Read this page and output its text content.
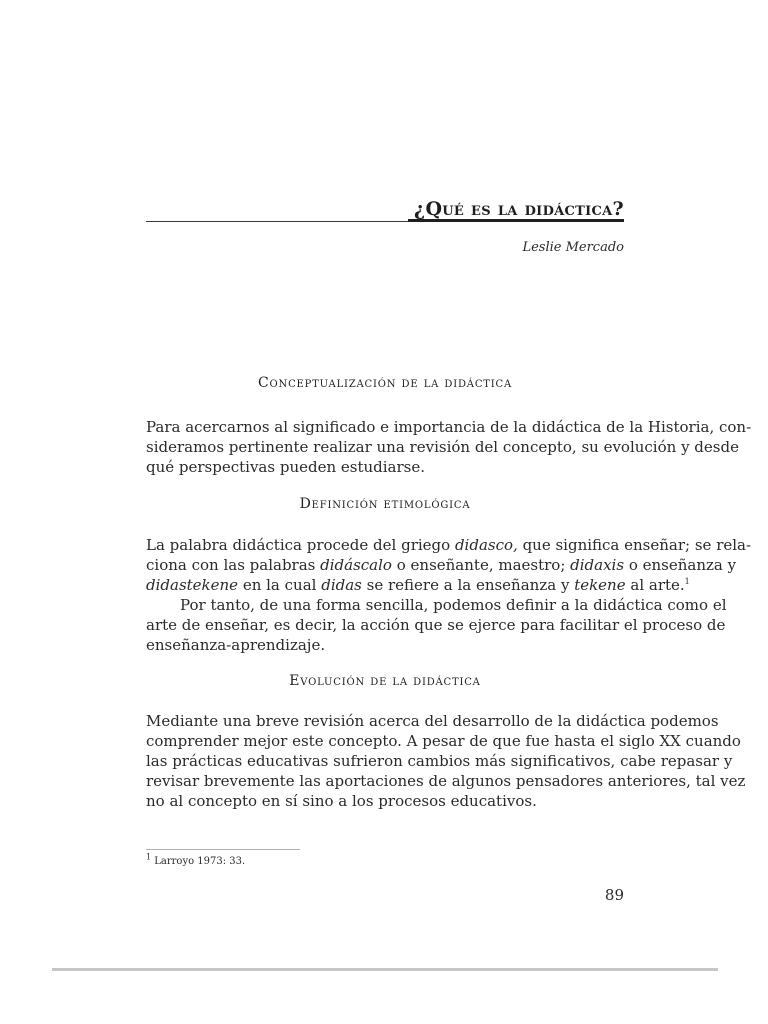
¿Qué es la didáctica?
Leslie Mercado
Conceptualización de la didáctica
Para acercarnos al significado e importancia de la didáctica de la Historia, con-
sideramos pertinente realizar una revisión del concepto, su evolución y desde
qué perspectivas pueden estudiarse.
Definición etimológica
La palabra didáctica procede del griego didasco, que significa enseñar; se rela-
ciona con las palabras didáscalo o enseñante, maestro; didaxis o enseñanza y
didastekene en la cual didas se refiere a la enseñanza y tekene al arte.$^1$
Por tanto, de una forma sencilla, podemos definir a la didáctica como el
arte de enseñar, es decir, la acción que se ejerce para facilitar el proceso de
enseñanza-aprendizaje.
Evolución de la didáctica
Mediante una breve revisión acerca del desarrollo de la didáctica podemos
comprender mejor este concepto. A pesar de que fue hasta el siglo XX cuando
las prácticas educativas sufrieron cambios más significativos, cabe repasar y
revisar brevemente las aportaciones de algunos pensadores anteriores, tal vez
no al concepto en sí sino a los procesos educativos.
$^1$ Larroyo 1973: 33.
89
